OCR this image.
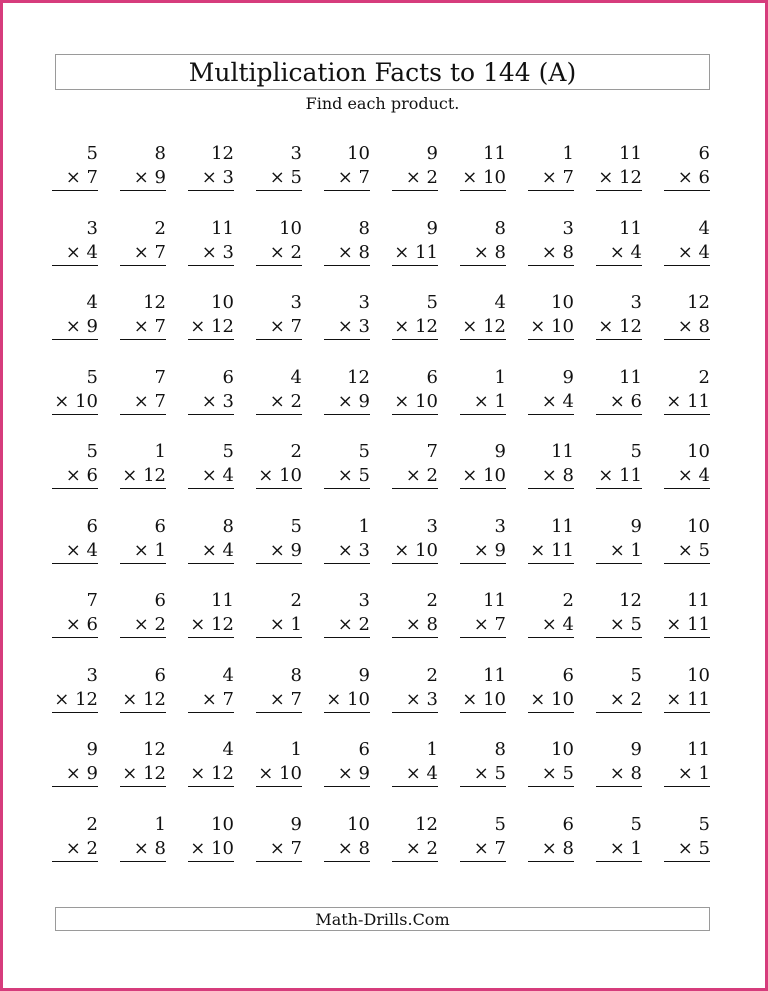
Multiplication Facts to 144 (A)
Find each product.
5
× 7
8
× 9
12
× 3
3
× 5
10
× 7
9
× 2
11
× 10
1
× 7
11
× 12
6
× 6
3
× 4
2
× 7
11
× 3
10
× 2
8
× 8
9
× 11
8
× 8
3
× 8
11
× 4
4
× 4
4
× 9
12
× 7
10
× 12
3
× 7
3
× 3
5
× 12
4
× 12
10
× 10
3
× 12
12
× 8
5
× 10
7
× 7
6
× 3
4
× 2
12
× 9
6
× 10
1
× 1
9
× 4
11
× 6
2
× 11
5
× 6
1
× 12
5
× 4
2
× 10
5
× 5
7
× 2
9
× 10
11
× 8
5
× 11
10
× 4
6
× 4
6
× 1
8
× 4
5
× 9
1
× 3
3
× 10
3
× 9
11
× 11
9
× 1
10
× 5
7
× 6
6
× 2
11
× 12
2
× 1
3
× 2
2
× 8
11
× 7
2
× 4
12
× 5
11
× 11
3
× 12
6
× 12
4
× 7
8
× 7
9
× 10
2
× 3
11
× 10
6
× 10
5
× 2
10
× 11
9
× 9
12
× 12
4
× 12
1
× 10
6
× 9
1
× 4
8
× 5
10
× 5
9
× 8
11
× 1
2
× 2
1
× 8
10
× 10
9
× 7
10
× 8
12
× 2
5
× 7
6
× 8
5
× 1
5
× 5
Math-Drills.Com
